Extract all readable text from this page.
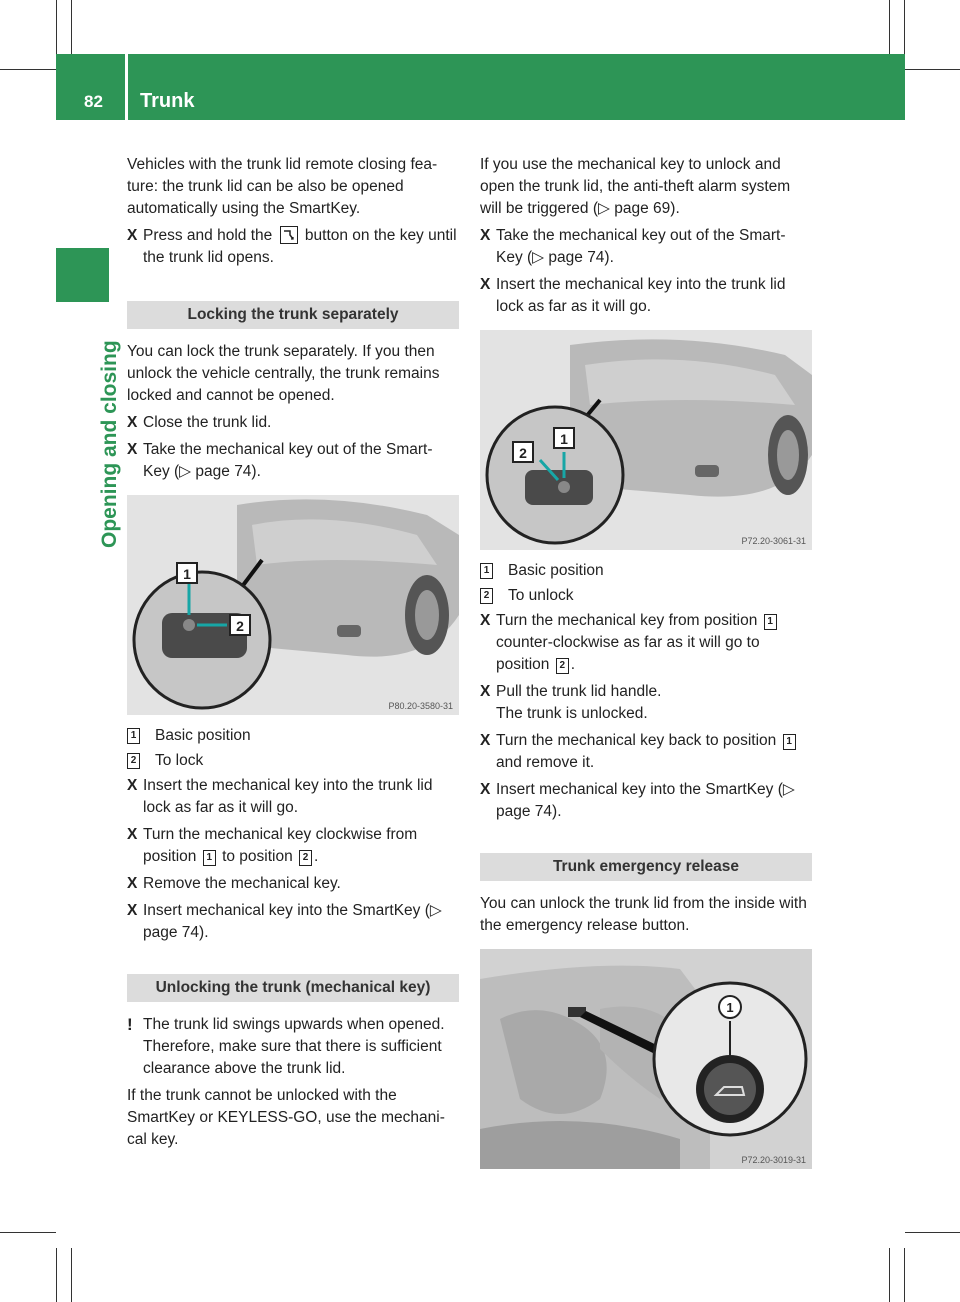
82 Trunk
Opening and closing

Vehicles with the trunk lid remote closing fea-ture: the trunk lid can be also be opened automatically using the SmartKey.

X Press and hold the button on the key until the trunk lid opens.
Locking the trunk separately

You can lock the trunk separately. If you then unlock the vehicle centrally, the trunk remains locked and cannot be opened.

X Close the trunk lid.
X Take the mechanical key out of the Smart-Key (▷ page 74).
1
2
P80.20-3580-31
1 Basic position
2 To lock
X Insert the mechanical key into the trunk lid lock as far as it will go.
X Turn the mechanical key clockwise from position 1 to position 2 .
X Remove the mechanical key.
X Insert mechanical key into the SmartKey (▷ page 74).
Unlocking the trunk (mechanical key)
! The trunk lid swings upwards when opened. Therefore, make sure that there is sufficient clearance above the trunk lid.

If the trunk cannot be unlocked with the SmartKey or KEYLESS-GO, use the mechani-cal key.

If you use the mechanical key to unlock and open the trunk lid, the anti-theft alarm system will be triggered (▷ page 69).

X Take the mechanical key out of the Smart-Key (▷ page 74).
X Insert the mechanical key into the trunk lid lock as far as it will go.
2
1
P72.20-3061-31
1 Basic position
2 To unlock
X Turn the mechanical key from position 1 counter-clockwise as far as it will go to position 2 .
X Pull the trunk lid handle.
The trunk is unlocked.
X Turn the mechanical key back to position 1 and remove it.
X Insert mechanical key into the SmartKey (▷ page 74).
Trunk emergency release

You can unlock the trunk lid from the inside with the emergency release button.

1
P72.20-3019-31
